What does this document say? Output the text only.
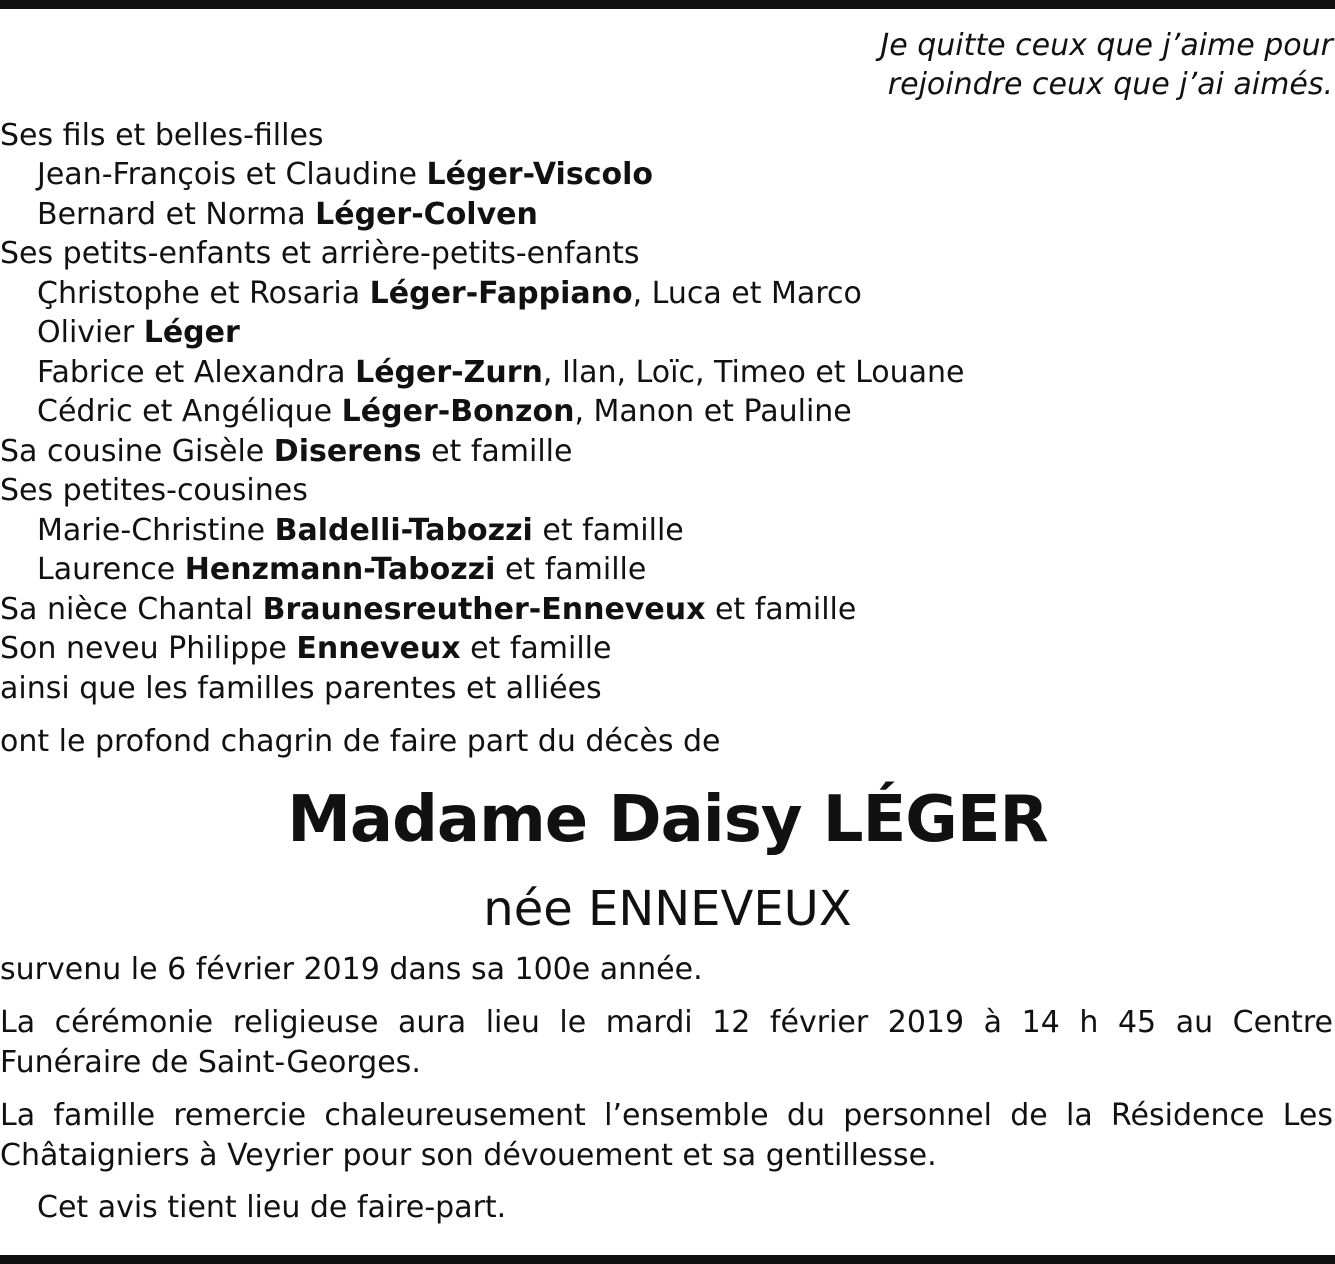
Je quitte ceux que j’aime pour
rejoindre ceux que j’ai aimés.
Ses fils et belles-filles
Jean-François et Claudine Léger-Viscolo
Bernard et Norma Léger-Colven
Ses petits-enfants et arrière-petits-enfants
Çhristophe et Rosaria Léger-Fappiano, Luca et Marco
Olivier Léger
Fabrice et Alexandra Léger-Zurn, Ilan, Loïc, Timeo et Louane
Cédric et Angélique Léger-Bonzon, Manon et Pauline
Sa cousine Gisèle Diserens et famille
Ses petites-cousines
Marie-Christine Baldelli-Tabozzi et famille
Laurence Henzmann-Tabozzi et famille
Sa nièce Chantal Braunesreuther-Enneveux et famille
Son neveu Philippe Enneveux et famille
ainsi que les familles parentes et alliées
ont le profond chagrin de faire part du décès de
Madame Daisy LÉGER
née ENNEVEUX
survenu le 6 février 2019 dans sa 100e année.
La cérémonie religieuse aura lieu le mardi 12 février 2019 à 14 h 45 au Centre Funéraire de Saint-Georges.
La famille remercie chaleureusement l’ensemble du personnel de la Résidence Les Châtaigniers à Veyrier pour son dévouement et sa gentillesse.
Cet avis tient lieu de faire-part.
